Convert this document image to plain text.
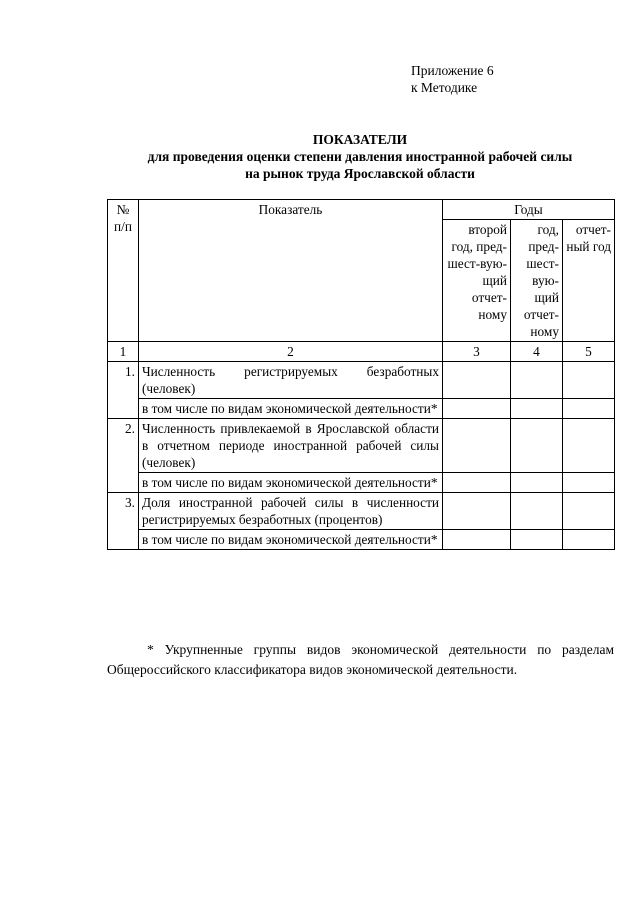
Приложение 6
к Методике
ПОКАЗАТЕЛИ
для проведения оценки степени давления иностранной рабочей силы
на рынок труда Ярославской области
№ п/п	Показатель	Годы		
		второй год, пред-шест-вую-щий отчет-ному	год, пред-шест-вую-щий отчет-ному	отчет-ный год
1	2	3	4	5
1.	Численность регистрируемых безработных (человек)			
	в том числе по видам экономической деятельности*			
2.	Численность привлекаемой в Ярославской области в отчетном периоде иностранной рабочей силы (человек)			
	в том числе по видам экономической деятельности*			
3.	Доля иностранной рабочей силы в численности регистрируемых безработных (процентов)			
	в том числе по видам экономической деятельности*			

* Укрупненные группы видов экономической деятельности по разделам Общероссийского классификатора видов экономической деятельности.
